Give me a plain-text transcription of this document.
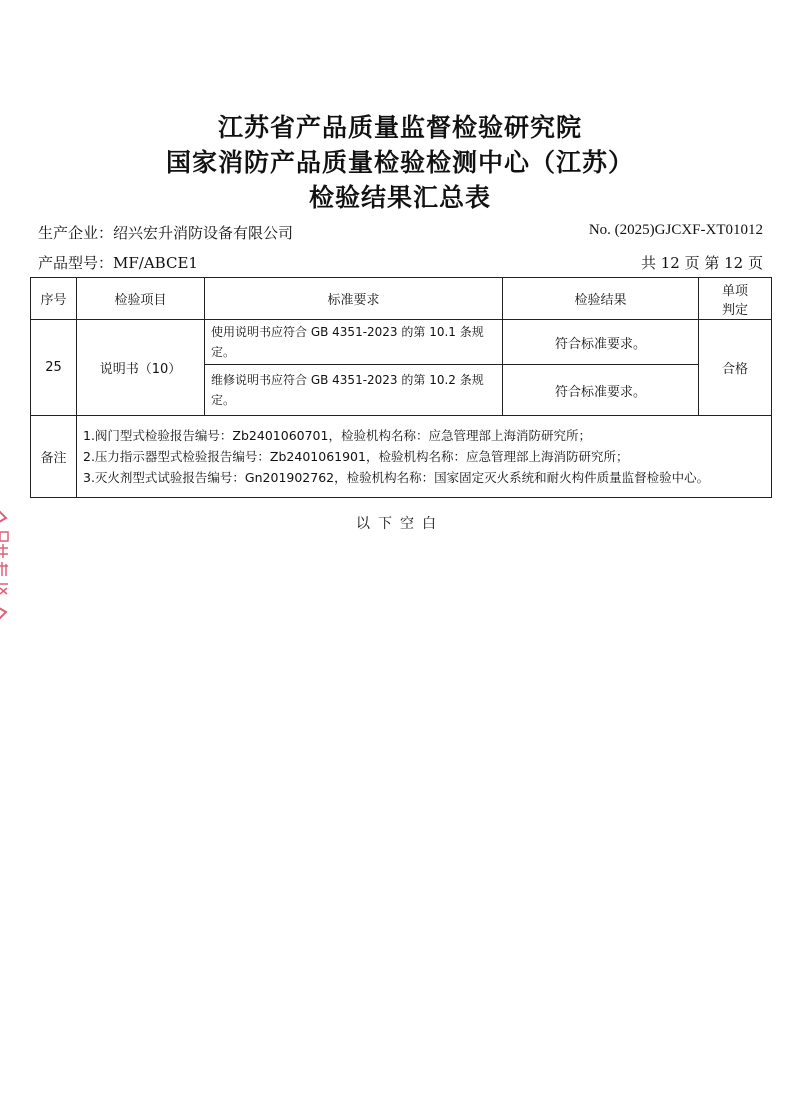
江苏省产品质量监督检验研究院
国家消防产品质量检验检测中心（江苏）
检验结果汇总表
生产企业：绍兴宏升消防设备有限公司	No. (2025)GJCXF-XT01012
产品型号：MF/ABCE1	共 12 页 第 12 页
序号	检验项目	标准要求	检验结果	单项
判定

25	说明书（10）	使用说明书应符合 GB 4351-2023 的第 10.1 条规定。	符合标准要求。	合格
		维修说明书应符合 GB 4351-2023 的第 10.2 条规定。	符合标准要求。	
备注	1.阀门型式检验报告编号：Zb2401060701，检验机构名称：应急管理部上海消防研究所；
2.压力指示器型式检验报告编号：Zb2401061901，检验机构名称：应急管理部上海消防研究所；
3.灭火剂型式试验报告编号：Gn201902762，检验机构名称：国家固定灭火系统和耐火构件质量监督检验中心。			
以下空白
